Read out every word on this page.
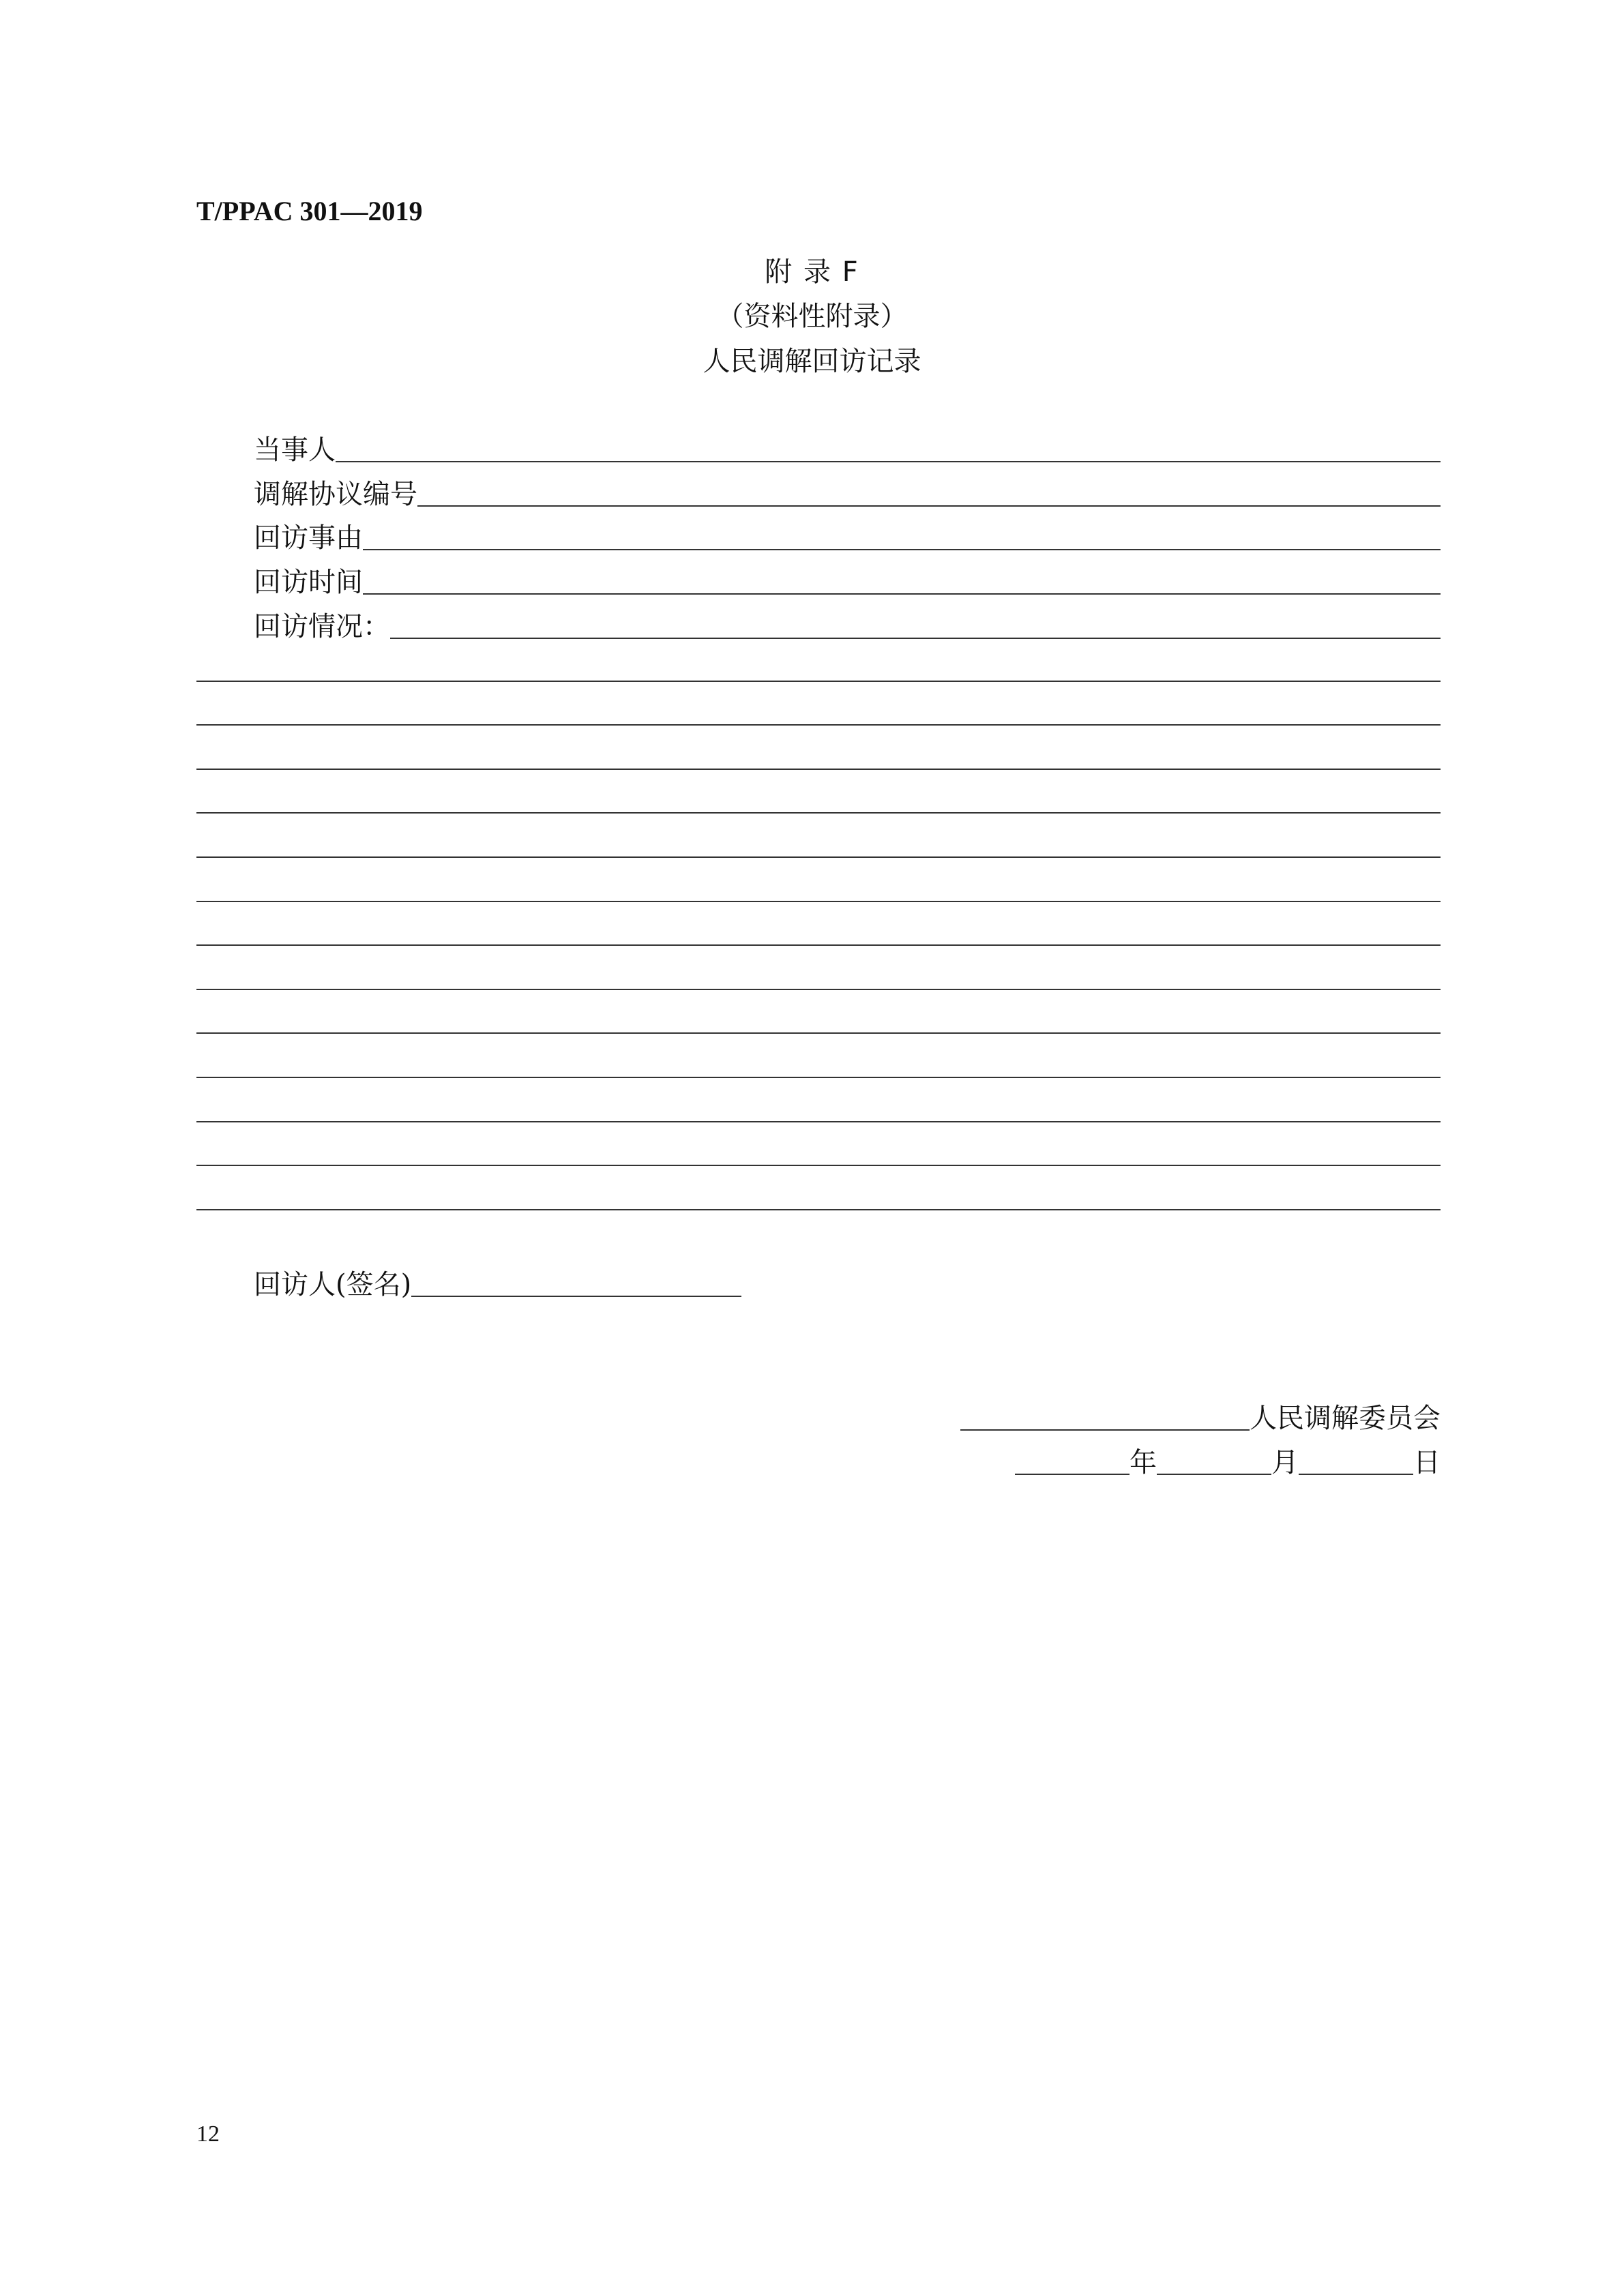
T/PPAC 301—2019
附 录 F
（资料性附录）
人民调解回访记录
当事人
调解协议编号
回访事由
回访时间
回访情况：
回访人(签名)
人民调解委员会
年	月	日
12
